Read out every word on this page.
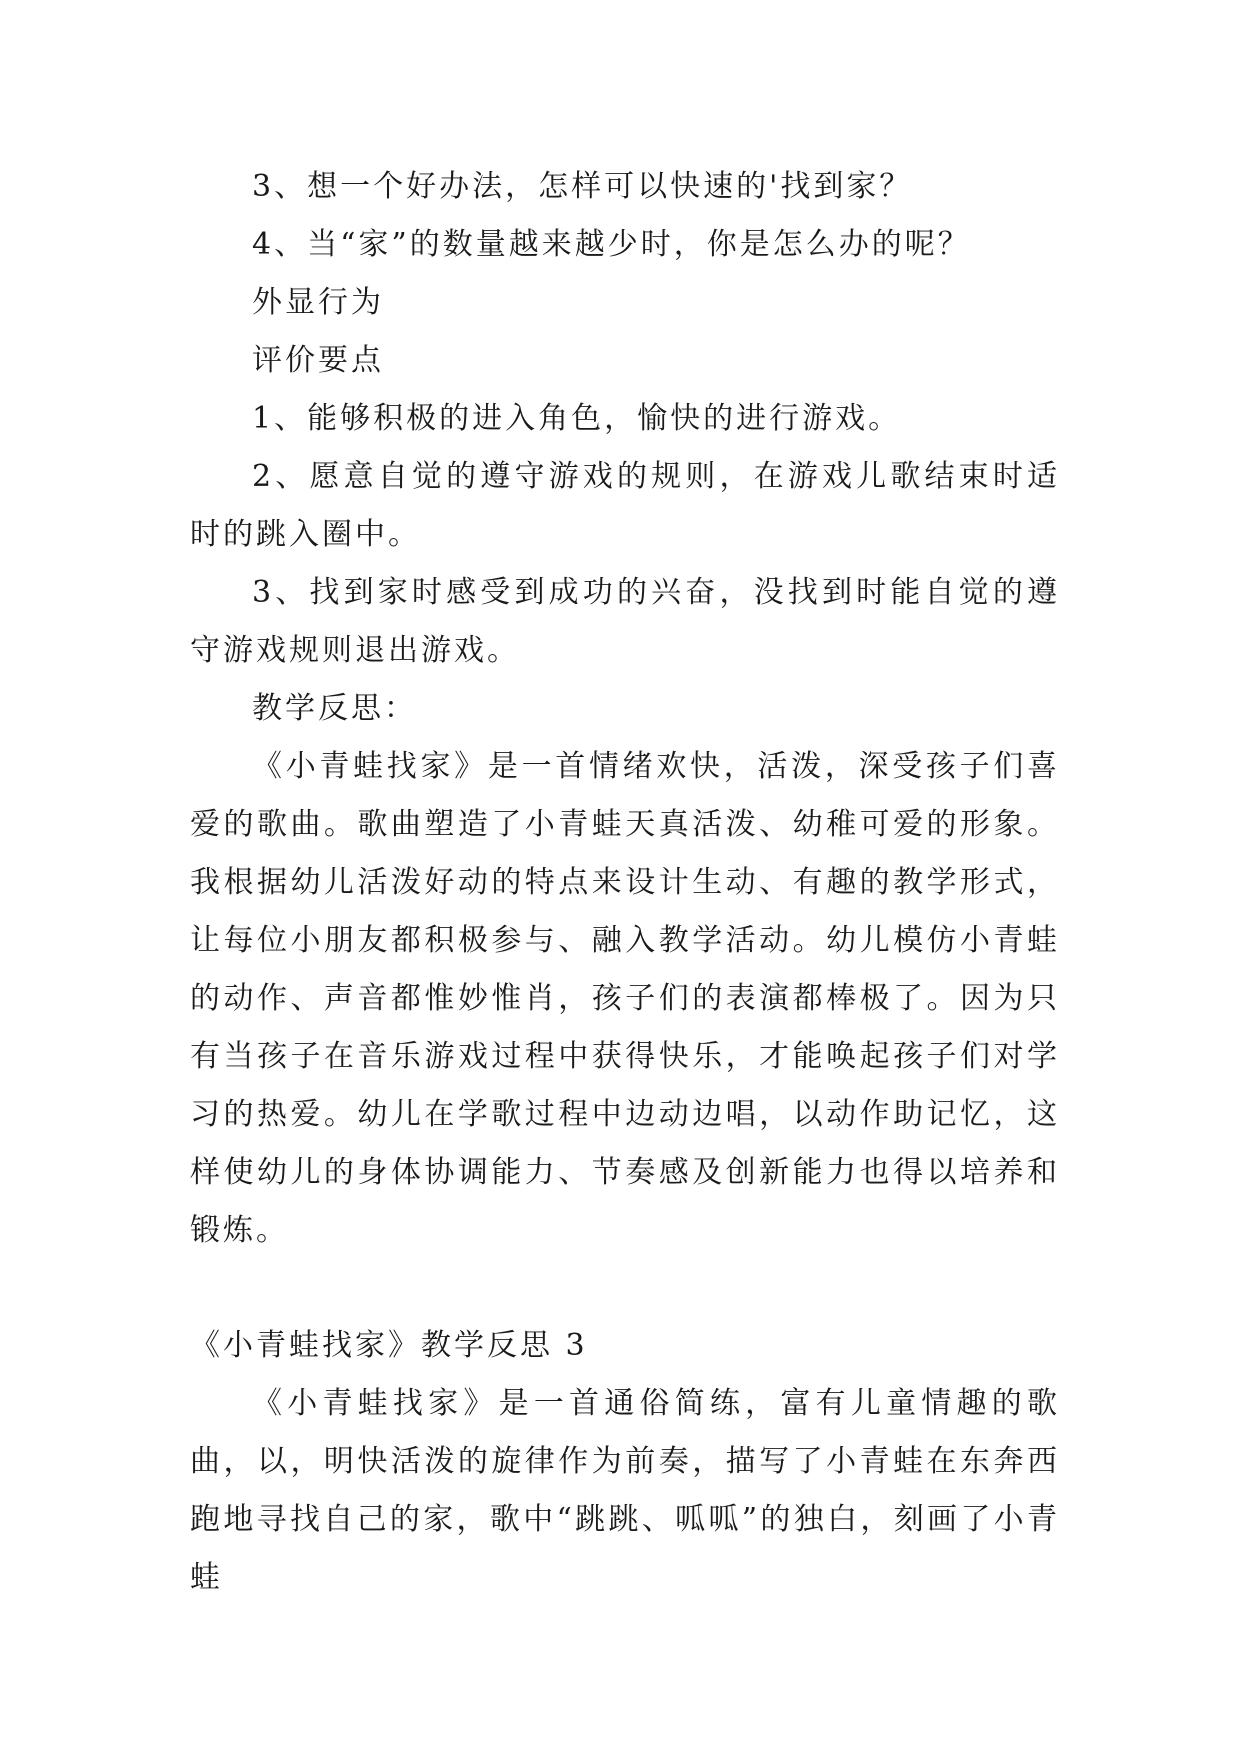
3、想一个好办法，怎样可以快速的'找到家？

4、当“家”的数量越来越少时，你是怎么办的呢？

外显行为

评价要点

1、能够积极的进入角色，愉快的进行游戏。

2、愿意自觉的遵守游戏的规则，在游戏儿歌结束时适时的跳入圈中。

3、找到家时感受到成功的兴奋，没找到时能自觉的遵守游戏规则退出游戏。

教学反思：

《小青蛙找家》是一首情绪欢快，活泼，深受孩子们喜爱的歌曲。歌曲塑造了小青蛙天真活泼、幼稚可爱的形象。我根据幼儿活泼好动的特点来设计生动、有趣的教学形式，让每位小朋友都积极参与、融入教学活动。幼儿模仿小青蛙的动作、声音都惟妙惟肖，孩子们的表演都棒极了。因为只有当孩子在音乐游戏过程中获得快乐，才能唤起孩子们对学习的热爱。幼儿在学歌过程中边动边唱，以动作助记忆，这样使幼儿的身体协调能力、节奏感及创新能力也得以培养和锻炼。

《小青蛙找家》教学反思 3

《小青蛙找家》是一首通俗简练，富有儿童情趣的歌曲，以，明快活泼的旋律作为前奏，描写了小青蛙在东奔西跑地寻找自己的家，歌中“跳跳、呱呱”的独白，刻画了小青蛙
